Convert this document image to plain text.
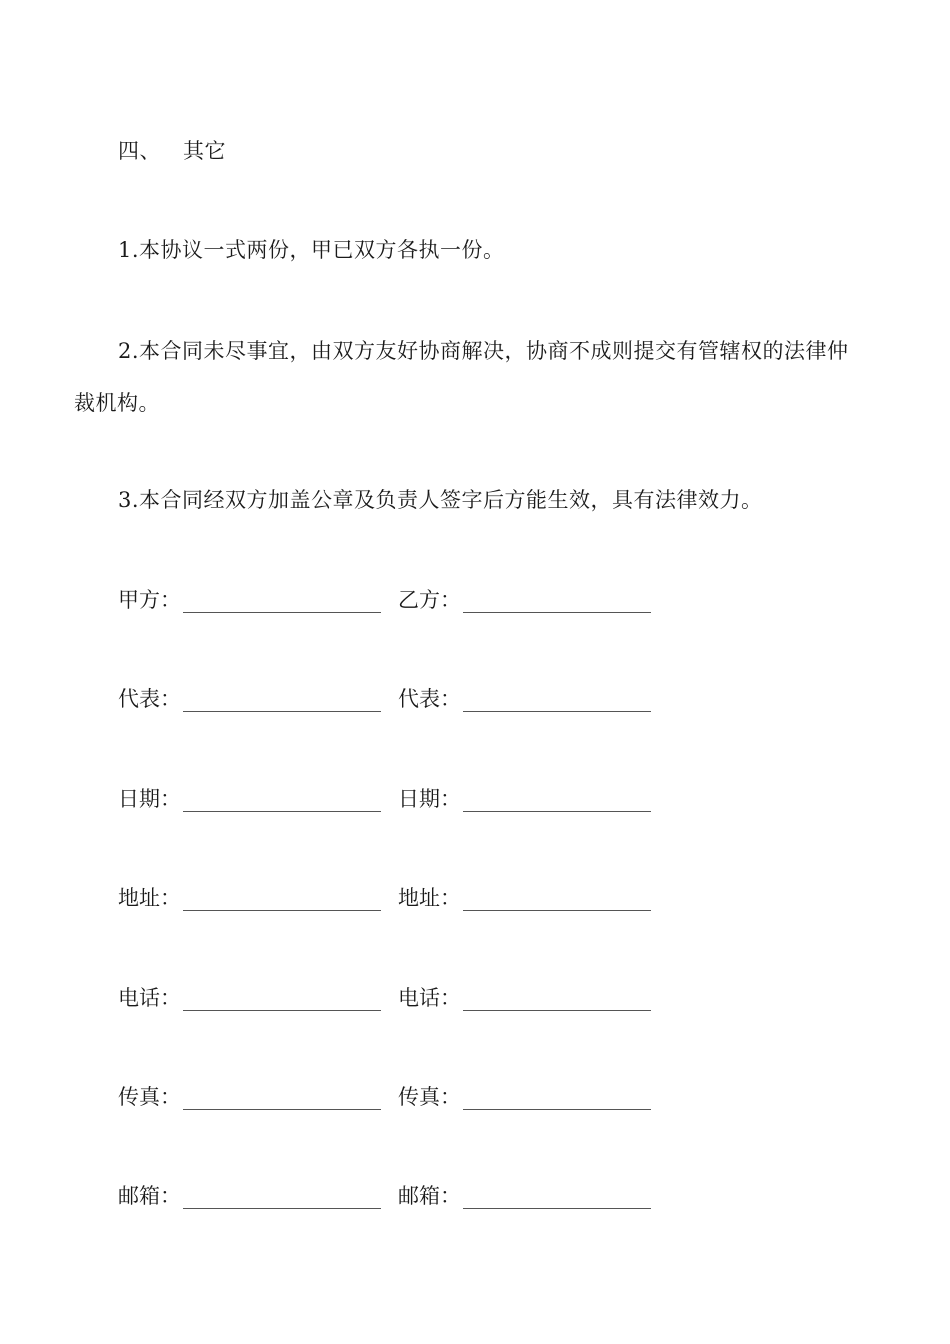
四、 其它
1.本协议一式两份，甲已双方各执一份。
2.本合同未尽事宜，由双方友好协商解决，协商不成则提交有管辖权的法律仲
裁机构。
3.本合同经双方加盖公章及负责人签字后方能生效，具有法律效力。
甲方：	乙方：
代表：	代表：
日期：	日期：
地址：	地址：
电话：	电话：
传真：	传真：
邮箱：	邮箱：
